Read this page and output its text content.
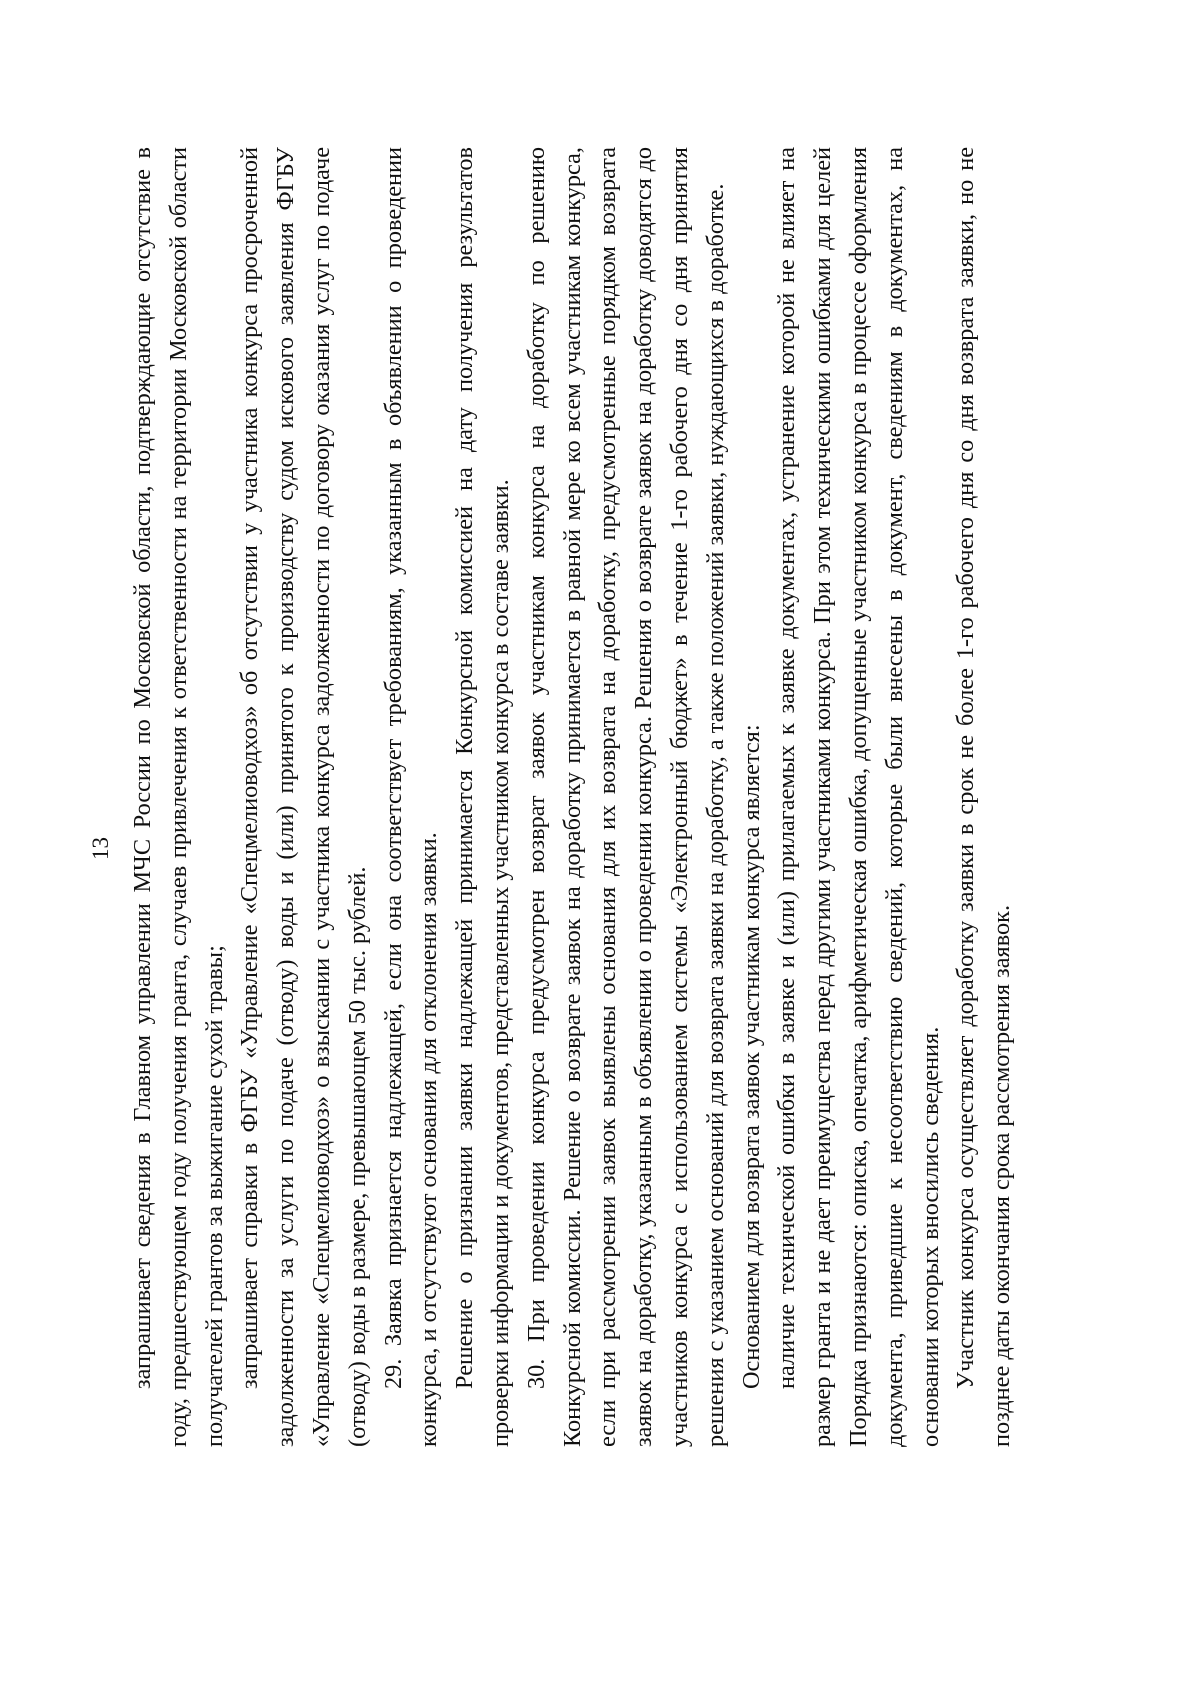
13 запрашивает сведения в Главном управлении МЧС России по Московской области, подтверждающие отсутствие в году, предшествующем году получения гранта, случаев привлечения к ответственности на территории Московской области получателей грантов за выжигание сухой травы; запрашивает справки в ФГБУ «Управление «Спецмелиоводхоз» об отсутствии у участника конкурса просроченной задолженности за услуги по подаче (отводу) воды и (или) принятого к производству судом искового заявления ФГБУ «Управление «Спецмелиоводхоз» о взыскании с участника конкурса задолженности по договору оказания услуг по подаче (отводу) воды в размере, превышающем 50 тыс. рублей. 29. Заявка признается надлежащей, если она соответствует требованиям, указанным в объявлении о проведении конкурса, и отсутствуют основания для отклонения заявки. Решение о признании заявки надлежащей принимается Конкурсной комиссией на дату получения результатов проверки информации и документов, представленных участником конкурса в составе заявки. 30. При проведении конкурса предусмотрен возврат заявок участникам конкурса на доработку по решению Конкурсной комиссии. Решение о возврате заявок на доработку принимается в равной мере ко всем участникам конкурса, если при рассмотрении заявок выявлены основания для их возврата на доработку, предусмотренные порядком возврата заявок на доработку, указанным в объявлении о проведении конкурса. Решения о возврате заявок на доработку доводятся до участников конкурса с использованием системы «Электронный бюджет» в течение 1-го рабочего дня со дня принятия решения с указанием оснований для возврата заявки на доработку, а также положений заявки, нуждающихся в доработке. Основанием для возврата заявок участникам конкурса является: наличие технической ошибки в заявке и (или) прилагаемых к заявке документах, устранение которой не влияет на размер гранта и не дает преимущества перед другими участниками конкурса. При этом техническими ошибками для целей Порядка признаются: описка, опечатка, арифметическая ошибка, допущенные участником конкурса в процессе оформления документа, приведшие к несоответствию сведений, которые были внесены в документ, сведениям в документах, на основании которых вносились сведения. Участник конкурса осуществляет доработку заявки в срок не более 1-го рабочего дня со дня возврата заявки, но не позднее даты окончания срока рассмотрения заявок.
